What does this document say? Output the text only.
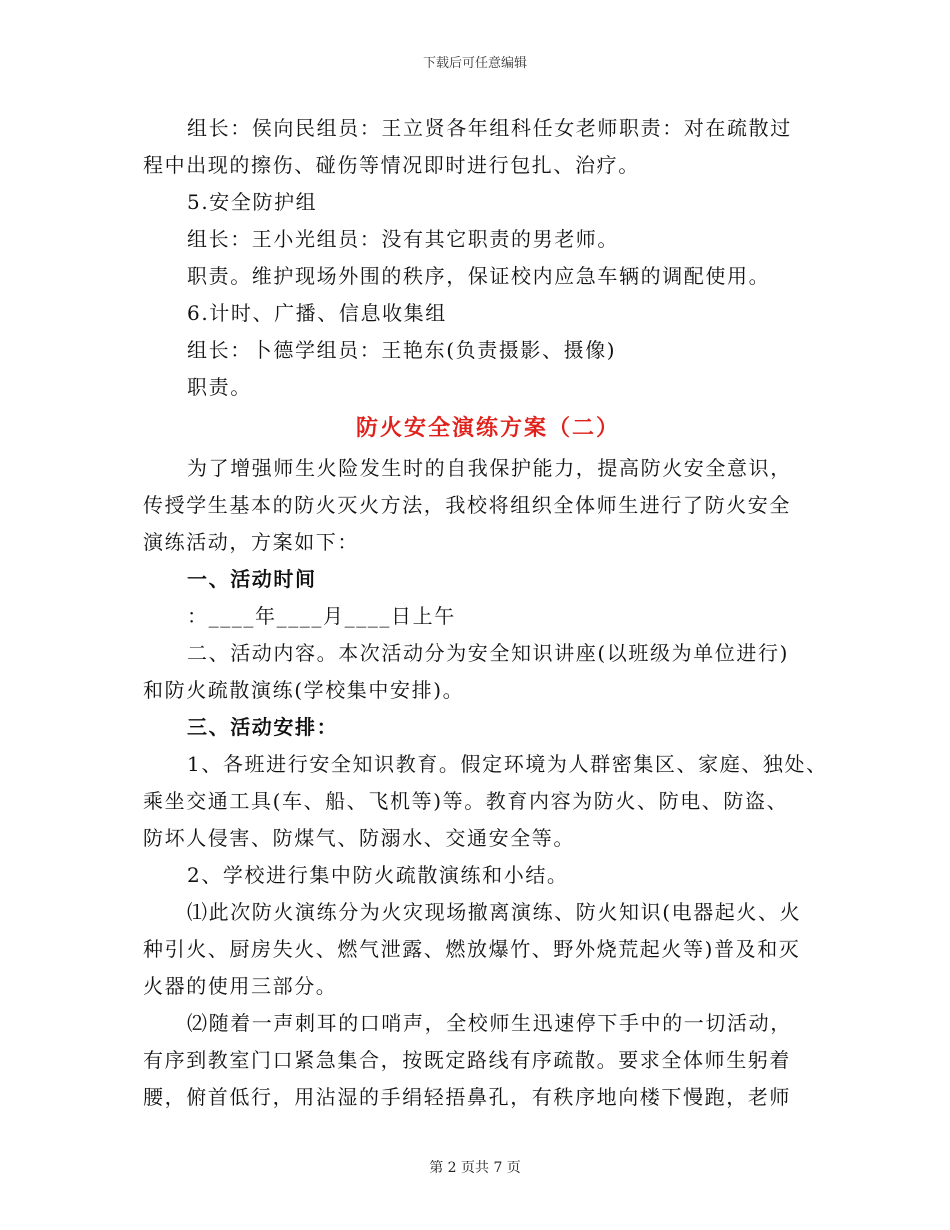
下载后可任意编辑

组长：侯向民组员：王立贤各年组科任女老师职责：对在疏散过

程中出现的擦伤、碰伤等情况即时进行包扎、治疗。

5.安全防护组

组长：王小光组员：没有其它职责的男老师。

职责。维护现场外围的秩序，保证校内应急车辆的调配使用。

6.计时、广播、信息收集组

组长：卜德学组员：王艳东(负责摄影、摄像)

职责。

防火安全演练方案（二）

为了增强师生火险发生时的自我保护能力，提高防火安全意识，

传授学生基本的防火灭火方法，我校将组织全体师生进行了防火安全

演练活动，方案如下：

一、活动时间

：____年____月____日上午

二、活动内容。本次活动分为安全知识讲座(以班级为单位进行)

和防火疏散演练(学校集中安排)。

三、活动安排：

1、各班进行安全知识教育。假定环境为人群密集区、家庭、独处、

乘坐交通工具(车、船、飞机等)等。教育内容为防火、防电、防盗、

防坏人侵害、防煤气、防溺水、交通安全等。

2、学校进行集中防火疏散演练和小结。

⑴此次防火演练分为火灾现场撤离演练、防火知识(电器起火、火

种引火、厨房失火、燃气泄露、燃放爆竹、野外烧荒起火等)普及和灭

火器的使用三部分。

⑵随着一声刺耳的口哨声，全校师生迅速停下手中的一切活动，

有序到教室门口紧急集合，按既定路线有序疏散。要求全体师生躬着

腰，俯首低行，用沾湿的手绢轻捂鼻孔，有秩序地向楼下慢跑，老师

第 2 页共 7 页
